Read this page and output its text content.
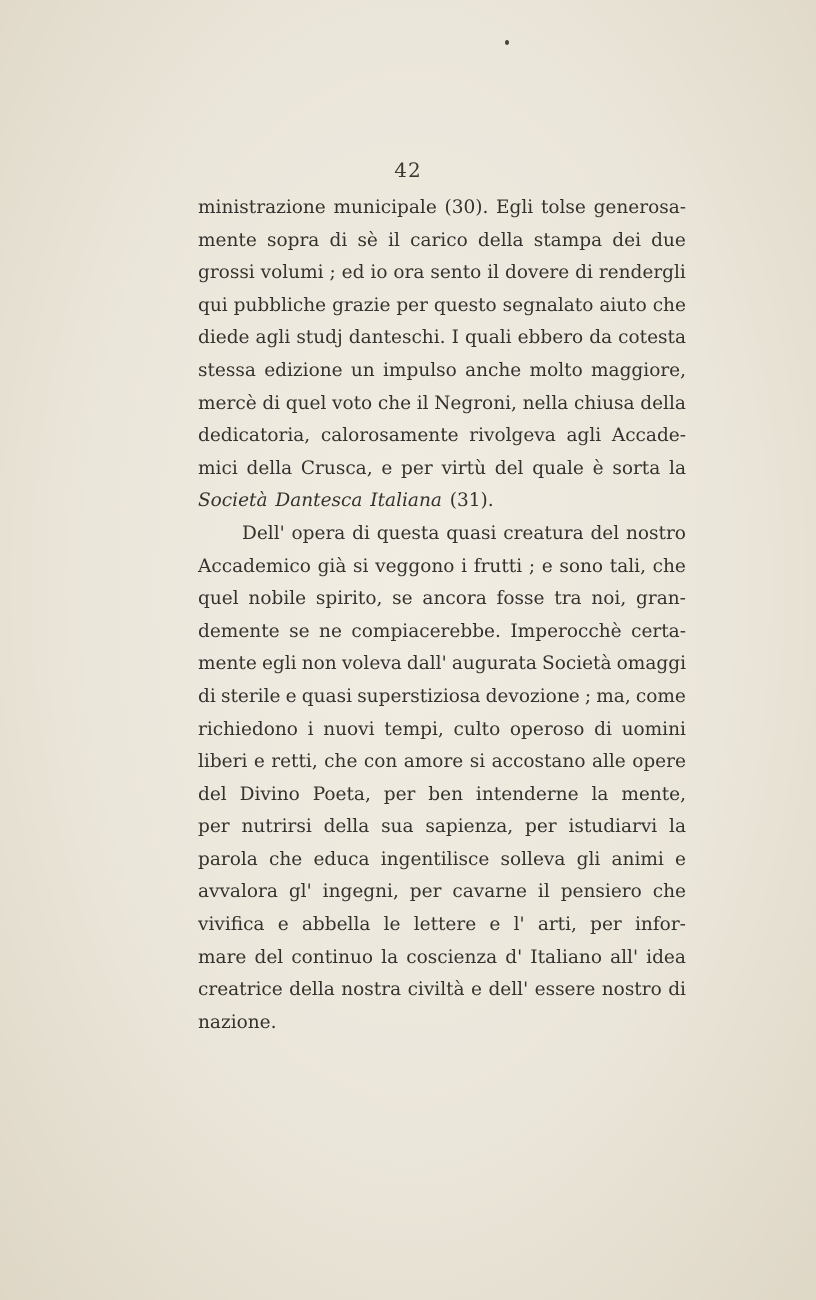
42
ministrazione municipale (30). Egli tolse generosa-
mente sopra di sè il carico della stampa dei due
grossi volumi ; ed io ora sento il dovere di rendergli
qui pubbliche grazie per questo segnalato aiuto che
diede agli studj danteschi. I quali ebbero da cotesta
stessa edizione un impulso anche molto maggiore,
mercè di quel voto che il Negroni, nella chiusa della
dedicatoria, calorosamente rivolgeva agli Accade-
mici della Crusca, e per virtù del quale è sorta la
Società Dantesca Italiana (31).
Dell' opera di questa quasi creatura del nostro
Accademico già si veggono i frutti ; e sono tali, che
quel nobile spirito, se ancora fosse tra noi, gran-
demente se ne compiacerebbe. Imperocchè certa-
mente egli non voleva dall' augurata Società omaggi
di sterile e quasi superstiziosa devozione ; ma, come
richiedono i nuovi tempi, culto operoso di uomini
liberi e retti, che con amore si accostano alle opere
del Divino Poeta, per ben intenderne la mente,
per nutrirsi della sua sapienza, per istudiarvi la
parola che educa ingentilisce solleva gli animi e
avvalora gl' ingegni, per cavarne il pensiero che
vivifica e abbella le lettere e l' arti, per infor-
mare del continuo la coscienza d' Italiano all' idea
creatrice della nostra civiltà e dell' essere nostro di
nazione.
